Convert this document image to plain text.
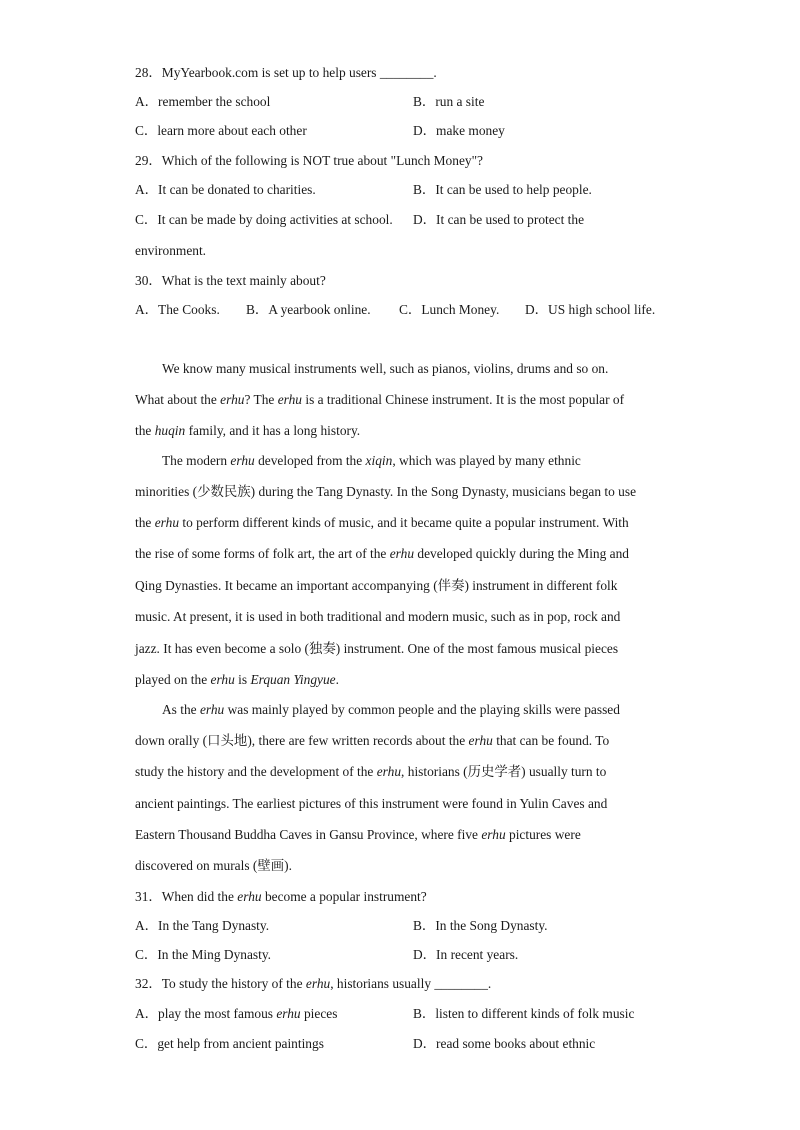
28．MyYearbook.com is set up to help users ________.
A．remember the school	B．run a site
C．learn more about each other	D．make money
29．Which of the following is NOT true about "Lunch Money"?
A．It can be donated to charities.	B．It can be used to help people.
C．It can be made by doing activities at school. D．It can be used to protect the
environment.
30．What is the text mainly about?
A．The Cooks. B．A yearbook online. C．Lunch Money. D．US high school life.
We know many musical instruments well, such as pianos, violins, drums and so on.
What about the erhu? The erhu is a traditional Chinese instrument. It is the most popular of
the huqin family, and it has a long history.
The modern erhu developed from the xiqin, which was played by many ethnic
minorities (少数民族) during the Tang Dynasty. In the Song Dynasty, musicians began to use
the erhu to perform different kinds of music, and it became quite a popular instrument. With
the rise of some forms of folk art, the art of the erhu developed quickly during the Ming and
Qing Dynasties. It became an important accompanying (伴奏) instrument in different folk
music. At present, it is used in both traditional and modern music, such as in pop, rock and
jazz. It has even become a solo (独奏) instrument. One of the most famous musical pieces
played on the erhu is Erquan Yingyue.
As the erhu was mainly played by common people and the playing skills were passed
down orally (口头地), there are few written records about the erhu that can be found. To
study the history and the development of the erhu, historians (历史学者) usually turn to
ancient paintings. The earliest pictures of this instrument were found in Yulin Caves and
Eastern Thousand Buddha Caves in Gansu Province, where five erhu pictures were
discovered on murals (壁画).
31．When did the erhu become a popular instrument?
A．In the Tang Dynasty.	B．In the Song Dynasty.
C．In the Ming Dynasty.	D．In recent years.
32．To study the history of the erhu, historians usually ________.
A．play the most famous erhu pieces	B．listen to different kinds of folk music
C．get help from ancient paintings	D．read some books about ethnic
